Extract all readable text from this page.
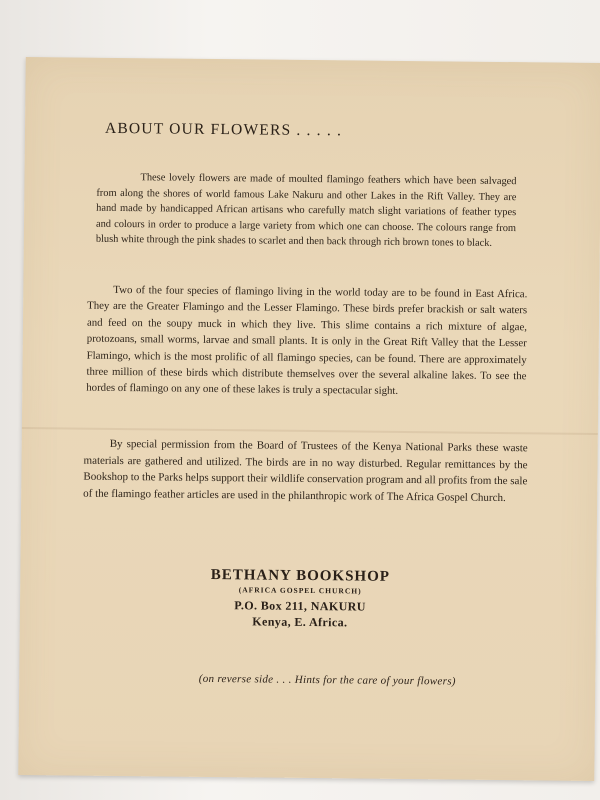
ABOUT OUR FLOWERS . . . . .

These lovely flowers are made of moulted flamingo feathers which have been salvaged from along the shores of world famous Lake Nakuru and other Lakes in the Rift Valley. They are hand made by handicapped African artisans who carefully match slight variations of feather types and colours in order to produce a large variety from which one can choose. The colours range from blush white through the pink shades to scarlet and then back through rich brown tones to black.

Two of the four species of flamingo living in the world today are to be found in East Africa. They are the Greater Flamingo and the Lesser Flamingo. These birds prefer brackish or salt waters and feed on the soupy muck in which they live. This slime contains a rich mixture of algae, protozoans, small worms, larvae and small plants. It is only in the Great Rift Valley that the Lesser Flamingo, which is the most prolific of all flamingo species, can be found. There are approximately three million of these birds which distribute themselves over the several alkaline lakes. To see the hordes of flamingo on any one of these lakes is truly a spectacular sight.

By special permission from the Board of Trustees of the Kenya National Parks these waste materials are gathered and utilized. The birds are in no way disturbed. Regular remittances by the Bookshop to the Parks helps support their wildlife conservation program and all profits from the sale of the flamingo feather articles are used in the philanthropic work of The Africa Gospel Church.

BETHANY BOOKSHOP
(AFRICA GOSPEL CHURCH)
P.O. Box 211, NAKURU
Kenya, E. Africa.
(on reverse side . . . Hints for the care of your flowers)
